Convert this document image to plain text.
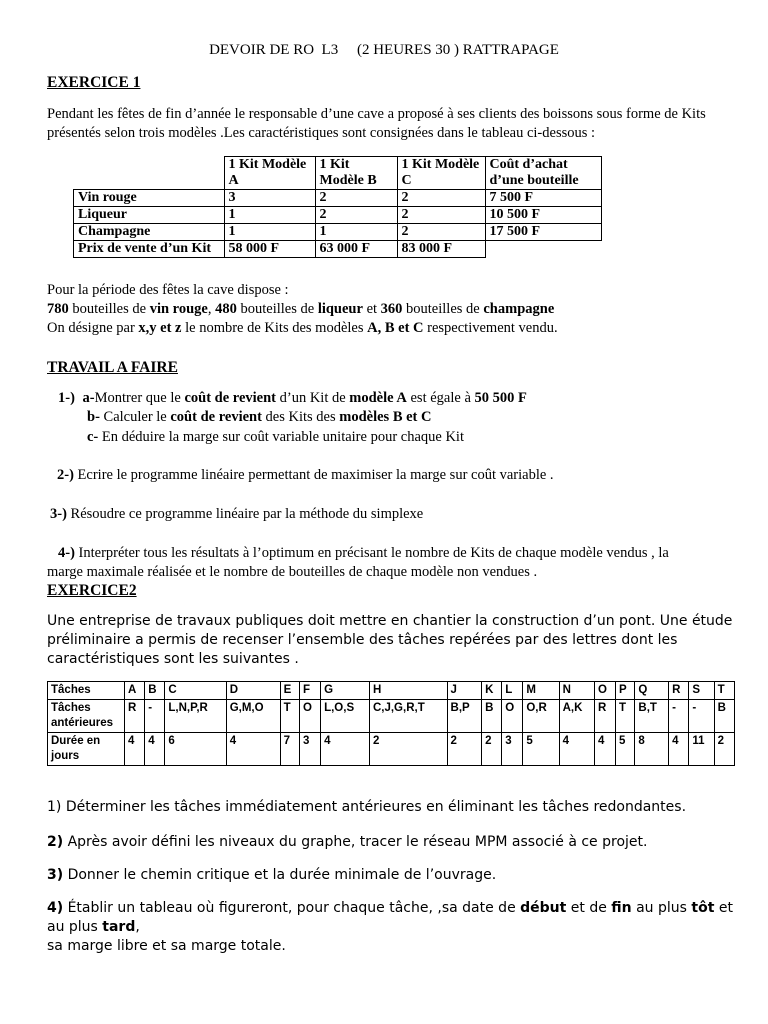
DEVOIR DE RO  L3     (2 HEURES 30 ) RATTRAPAGE
EXERCICE 1
Pendant les fêtes de fin d’année le responsable d’une cave a proposé à ses clients des boissons sous forme de Kits présentés selon trois modèles .Les caractéristiques sont consignées dans le tableau ci-dessous :
	1 Kit Modèle A	1 Kit Modèle B	1 Kit Modèle C	Coût d’achat d’une bouteille
Vin rouge	3	2	2	7 500 F
Liqueur	1	2	2	10 500 F
Champagne	1	1	2	17 500 F
Prix de vente d’un Kit	58 000 F	63 000 F	83 000 F	
Pour la période des fêtes la cave dispose :
780 bouteilles de vin rouge, 480 bouteilles de liqueur et 360 bouteilles de champagne
On désigne par x,y et z le nombre de Kits des modèles A, B et C respectivement vendu.
TRAVAIL A FAIRE
1-) a-Montrer que le coût de revient d’un Kit de modèle A est égale à 50 500 F
b- Calculer le coût de revient des Kits des modèles B et C
c- En déduire la marge sur coût variable unitaire pour chaque Kit
2-) Ecrire le programme linéaire permettant de maximiser la marge sur coût variable .
3-) Résoudre ce programme linéaire par la méthode du simplexe
4-) Interpréter tous les résultats à l’optimum en précisant le nombre de Kits de chaque modèle vendus , la
marge maximale réalisée et le nombre de bouteilles de chaque modèle non vendues .
EXERCICE2
Une entreprise de travaux publiques doit mettre en chantier la construction d’un pont. Une étude préliminaire a permis de recenser l’ensemble des tâches repérées par des lettres dont les caractéristiques sont les suivantes .
Tâches	A	B	C	D	E	F	G	H	J	K	L	M	N	O	P	Q	R	S	T
Tâches antérieures	R	-	L,N,P,R	G,M,O	T	O	L,O,S	C,J,G,R,T	B,P	B	O	O,R	A,K	R	T	B,T	-	-	B
Durée en jours	4	4	6	4	7	3	4	2	2	2	3	5	4	4	5	8	4	11	2
1) Déterminer les tâches immédiatement antérieures en éliminant les tâches redondantes.
2) Après avoir défini les niveaux du graphe, tracer le réseau MPM associé à ce projet.
3) Donner le chemin critique et la durée minimale de l’ouvrage.
4) Établir un tableau où figureront, pour chaque tâche, ,sa date de début et de fin au plus tôt et au plus tard,
sa marge libre et sa marge totale.
